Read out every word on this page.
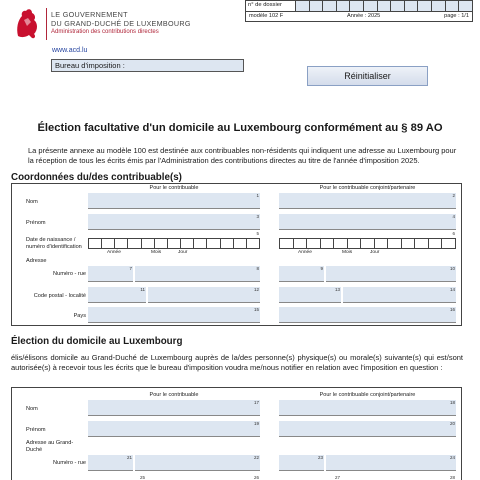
LE GOUVERNEMENT
DU GRAND-DUCHÉ DE LUXEMBOURG
Administration des contributions directes
n° de dossier
modèle 102 F	Année : 2025	page : 1/1
www.acd.lu
Bureau d'imposition :
Réinitialiser
Élection facultative d'un domicile au Luxembourg conformément au § 89 AO
La présente annexe au modèle 100 est destinée aux contribuables non-résidents qui indiquent une adresse au Luxembourg pour la réception de tous les écrits émis par l'Administration des contributions directes au titre de l'année d'imposition 2025.
Coordonnées du/des contribuable(s)
Pour le contribuable	Pour le contribuable conjoint/partenaire
Nom
1	2
Prénom
3	4
Date de naissance /
numéro d'identification
5	6
Année	Mois	Jour	Année	Mois	Jour
Adresse
Numéro - rue
7	8	9	10
Code postal - localité
11	12	13	14
Pays
15	16
Élection du domicile au Luxembourg
élis/élisons domicile au Grand-Duché de Luxembourg auprès de la/des personne(s) physique(s) ou morale(s) suivante(s) qui est/sont autorisée(s) à recevoir tous les écrits que le bureau d'imposition voudra me/nous notifier en relation avec l'imposition en question :
Pour le contribuable	Pour le contribuable conjoint/partenaire
Nom
17	18
Prénom
19	20
Adresse au Grand-
Duché
Numéro - rue
21	22	23	24
25	26	27	28
